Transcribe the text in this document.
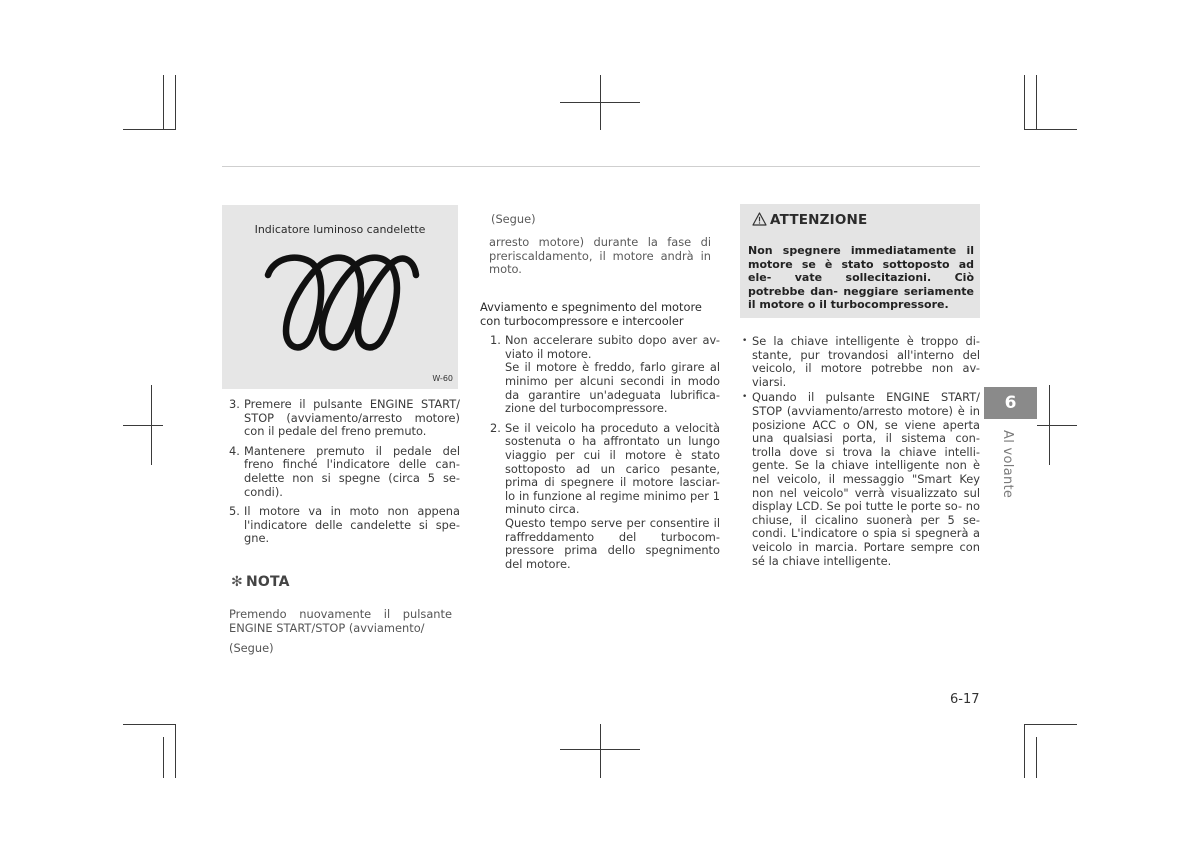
Indicatore luminoso candelette
W-60
3. Premere il pulsante ENGINE START/ STOP (avviamento/arresto motore) con il pedale del freno premuto.
4. Mantenere premuto il pedale del freno finché l'indicatore delle can- delette non si spegne (circa 5 se- condi).
5. Il motore va in moto non appena l'indicatore delle candelette si spe- gne.
✻ NOTA

Premendo nuovamente il pulsante ENGINE START/STOP (avviamento/

(Segue)
(Segue)

arresto motore) durante la fase di preriscaldamento, il motore andrà in moto.

Avviamento e spegnimento del motore con turbocompressore e intercooler

1. Non accelerare subito dopo aver av- viato il motore.
Se il motore è freddo, farlo girare al minimo per alcuni secondi in modo da garantire un'adeguata lubrifica- zione del turbocompressore.
2. Se il veicolo ha proceduto a velocità sostenuta o ha affrontato un lungo viaggio per cui il motore è stato sottoposto ad un carico pesante, prima di spegnere il motore lasciar- lo in funzione al regime minimo per 1 minuto circa.
Questo tempo serve per consentire il raffreddamento del turbocom- pressore prima dello spegnimento del motore.
ATTENZIONE
Non spegnere immediatamente il motore se è stato sottoposto ad ele- vate sollecitazioni. Ciò potrebbe dan- neggiare seriamente il motore o il turbocompressore.
• Se la chiave intelligente è troppo di- stante, pur trovandosi all'interno del veicolo, il motore potrebbe non av- viarsi.
• Quando il pulsante ENGINE START/ STOP (avviamento/arresto motore) è in posizione ACC o ON, se viene aperta una qualsiasi porta, il sistema con- trolla dove si trova la chiave intelli- gente. Se la chiave intelligente non è nel veicolo, il messaggio "Smart Key non nel veicolo" verrà visualizzato sul display LCD. Se poi tutte le porte so- no chiuse, il cicalino suonerà per 5 se- condi. L'indicatore o spia si spegnerà a veicolo in marcia. Portare sempre con sé la chiave intelligente.
6
Al volante
6-17
